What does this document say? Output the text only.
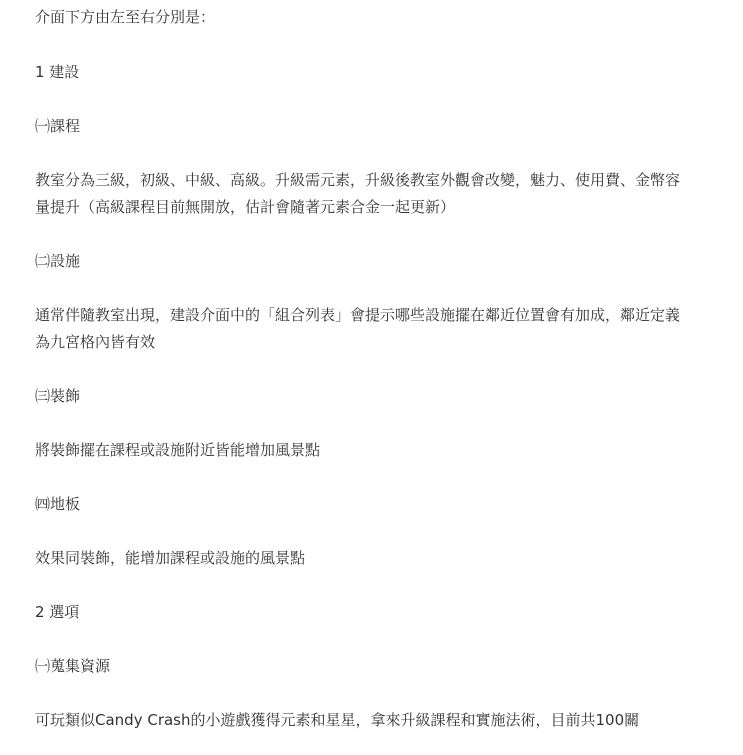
介面下方由左至右分別是：
1 建設
㈠課程
教室分為三級，初級、中級、高級。升級需元素，升級後教室外觀會改變，魅力、使用費、金幣容
量提升（高級課程目前無開放，估計會隨著元素合金一起更新）
㈡設施
通常伴隨教室出現，建設介面中的「組合列表」會提示哪些設施擺在鄰近位置會有加成，鄰近定義
為九宮格內皆有效
㈢裝飾
將裝飾擺在課程或設施附近皆能增加風景點
㈣地板
效果同裝飾，能增加課程或設施的風景點
2 選項
㈠蒐集資源
可玩類似Candy Crash的小遊戲獲得元素和星星，拿來升級課程和實施法術，目前共100關
